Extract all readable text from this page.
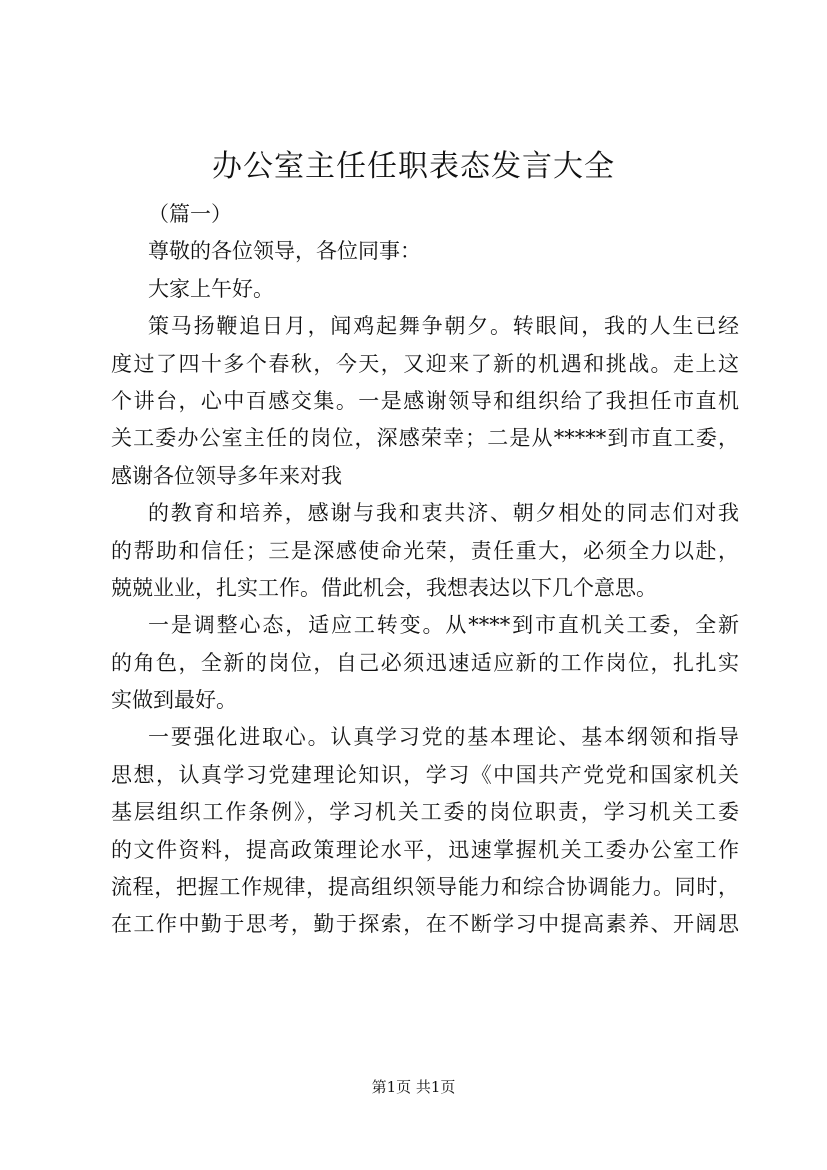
办公室主任任职表态发言大全
（篇一）
尊敬的各位领导，各位同事：
大家上午好。
策马扬鞭追日月，闻鸡起舞争朝夕。转眼间，我的人生已经
度过了四十多个春秋，今天，又迎来了新的机遇和挑战。走上这
个讲台，心中百感交集。一是感谢领导和组织给了我担任市直机
关工委办公室主任的岗位，深感荣幸；二是从*****到市直工委，
感谢各位领导多年来对我
的教育和培养，感谢与我和衷共济、朝夕相处的同志们对我
的帮助和信任；三是深感使命光荣，责任重大，必须全力以赴，
兢兢业业，扎实工作。借此机会，我想表达以下几个意思。
一是调整心态，适应工转变。从****到市直机关工委，全新
的角色，全新的岗位，自己必须迅速适应新的工作岗位，扎扎实
实做到最好。
一要强化进取心。认真学习党的基本理论、基本纲领和指导
思想，认真学习党建理论知识，学习《中国共产党党和国家机关
基层组织工作条例》，学习机关工委的岗位职责，学习机关工委
的文件资料，提高政策理论水平，迅速掌握机关工委办公室工作
流程，把握工作规律，提高组织领导能力和综合协调能力。同时，
在工作中勤于思考，勤于探索，在不断学习中提高素养、开阔思
第1页 共1页
